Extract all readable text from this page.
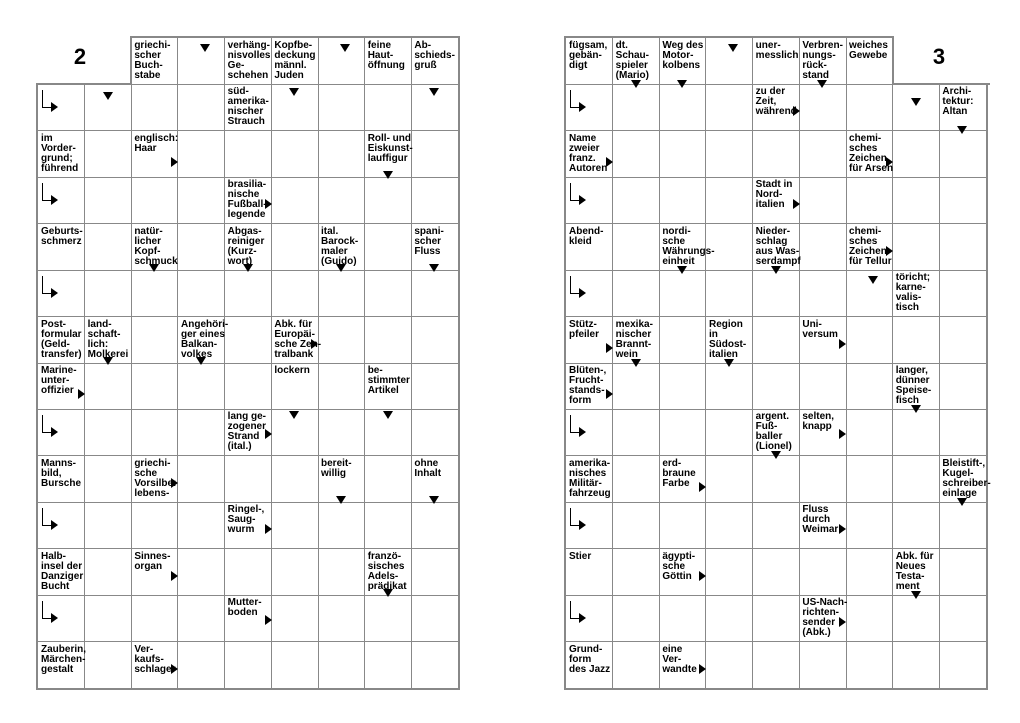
2	3
griechi-
scher
Buch-
stabe
verhäng-
nisvolles
Ge-
schehen
Kopfbe-
deckung
männl.
Juden
feine
Haut-
öffnung
Ab-
schieds-
gruß
süd-
amerika-
nischer
Strauch
im
Vorder-
grund;
führend
englisch:
Haar
Roll- und
Eiskunst-
lauffigur
brasilia-
nische
Fußball-
legende
Geburts-
schmerz
natür-
licher
Kopf-
schmuck
Abgas-
reiniger
(Kurz-
wort)
ital.
Barock-
maler
(Guido)
spani-
scher
Fluss
Post-
formular
(Geld-
transfer)
land-
schaft-
lich:
Molkerei
Angehöri-
ger eines
Balkan-
volkes
Abk. für
Europäi-
sche Zen-
tralbank
Marine-
unter-
offizier
lockern	be-
stimmter
Artikel
lang ge-
zogener
Strand
(ital.)
Manns-
bild,
Bursche
griechi-
sche
Vorsilbe:
lebens-
bereit-
willig
ohne
Inhalt
Ringel-,
Saug-
wurm
Halb-
insel der
Danziger
Bucht
Sinnes-
organ
franzö-
sisches
Adels-
prädikat
Mutter-
boden
Zauberin,
Märchen-
gestalt
Ver-
kaufs-
schlager
fügsam,
gebän-
digt
dt.
Schau-
spieler
(Mario)
Weg des
Motor-
kolbens
uner-
messlich
Verbren-
nungs-
rück-
stand
weiches
Gewebe
zu der
Zeit,
während
Archi-
tektur:
Altan
Name
zweier
franz.
Autoren
chemi-
sches
Zeichen
für Arsen
Stadt in
Nord-
italien
Abend-
kleid
nordi-
sche
Währungs-
einheit
Nieder-
schlag
aus Was-
serdampf
chemi-
sches
Zeichen
für Tellur
töricht;
karne-
valis-
tisch
Stütz-
pfeiler
mexika-
nischer
Brannt-
wein
Region
in
Südost-
italien
Uni-
versum
Blüten-,
Frucht-
stands-
form
langer,
dünner
Speise-
fisch
argent.
Fuß-
baller
(Lionel)
selten,
knapp
amerika-
nisches
Militär-
fahrzeug
erd-
braune
Farbe
Bleistift-,
Kugel-
schreiber-
einlage
Fluss
durch
Weimar
Stier	ägypti-
sche
Göttin
Abk. für
Neues
Testa-
ment
US-Nach-
richten-
sender
(Abk.)
Grund-
form
des Jazz
eine
Ver-
wandte
